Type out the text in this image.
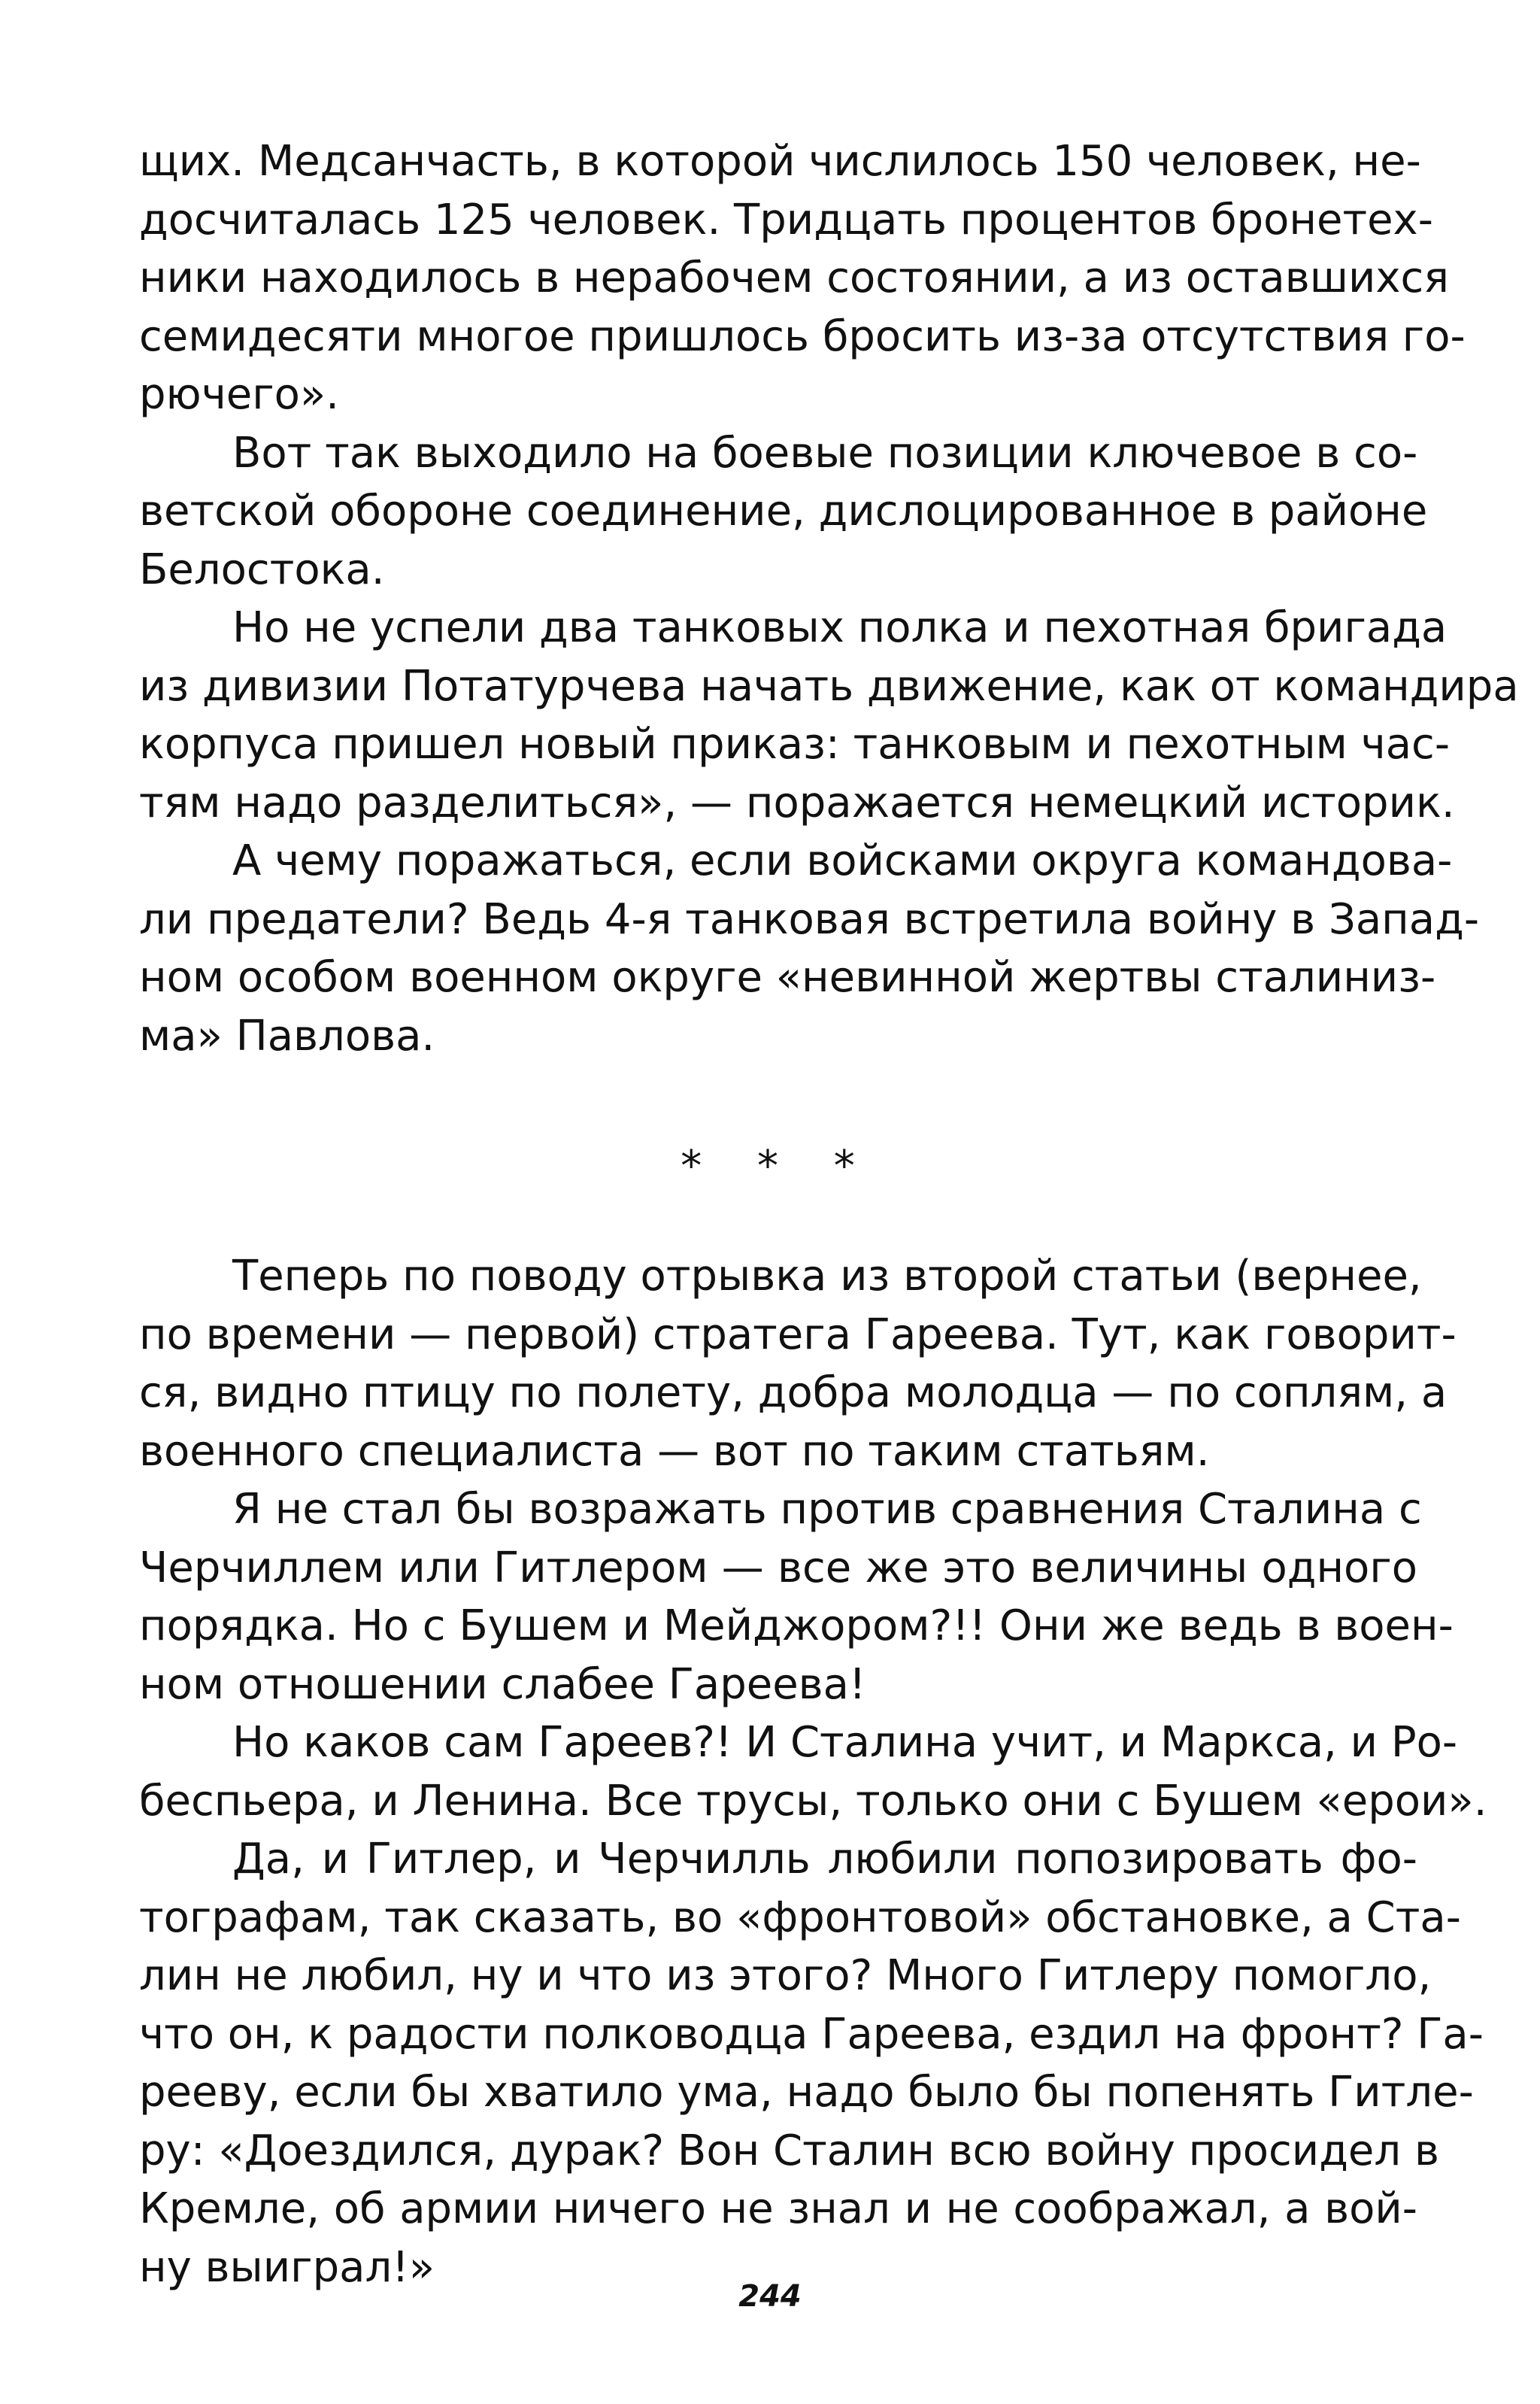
щих. Медсанчасть, в которой числилось 150 человек, не-
досчиталась 125 человек. Тридцать процентов бронетех-
ники находилось в нерабочем состоянии, а из оставшихся
семидесяти многое пришлось бросить из-за отсутствия го-
рючего».
Вот так выходило на боевые позиции ключевое в со-
ветской обороне соединение, дислоцированное в районе
Белостока.
Но не успели два танковых полка и пехотная бригада
из дивизии Потатурчева начать движение, как от командира
корпуса пришел новый приказ: танковым и пехотным час-
тям надо разделиться», — поражается немецкий историк.
А чему поражаться, если войсками округа командова-
ли предатели? Ведь 4-я танковая встретила войну в Запад-
ном особом военном округе «невинной жертвы сталиниз-
ма» Павлова.
* * *
Теперь по поводу отрывка из второй статьи (вернее,
по времени — первой) стратега Гареева. Тут, как говорит-
ся, видно птицу по полету, добра молодца — по соплям, а
военного специалиста — вот по таким статьям.
Я не стал бы возражать против сравнения Сталина с
Черчиллем или Гитлером — все же это величины одного
порядка. Но с Бушем и Мейджором?!! Они же ведь в воен-
ном отношении слабее Гареева!
Но каков сам Гареев?! И Сталина учит, и Маркса, и Ро-
беспьера, и Ленина. Все трусы, только они с Бушем «ерои».
Да, и Гитлер, и Черчилль любили попозировать фо-
тографам, так сказать, во «фронтовой» обстановке, а Ста-
лин не любил, ну и что из этого? Много Гитлеру помогло,
что он, к радости полководца Гареева, ездил на фронт? Га-
рееву, если бы хватило ума, надо было бы попенять Гитле-
ру: «Доездился, дурак? Вон Сталин всю войну просидел в
Кремле, об армии ничего не знал и не соображал, а вой-
ну выиграл!»
244
